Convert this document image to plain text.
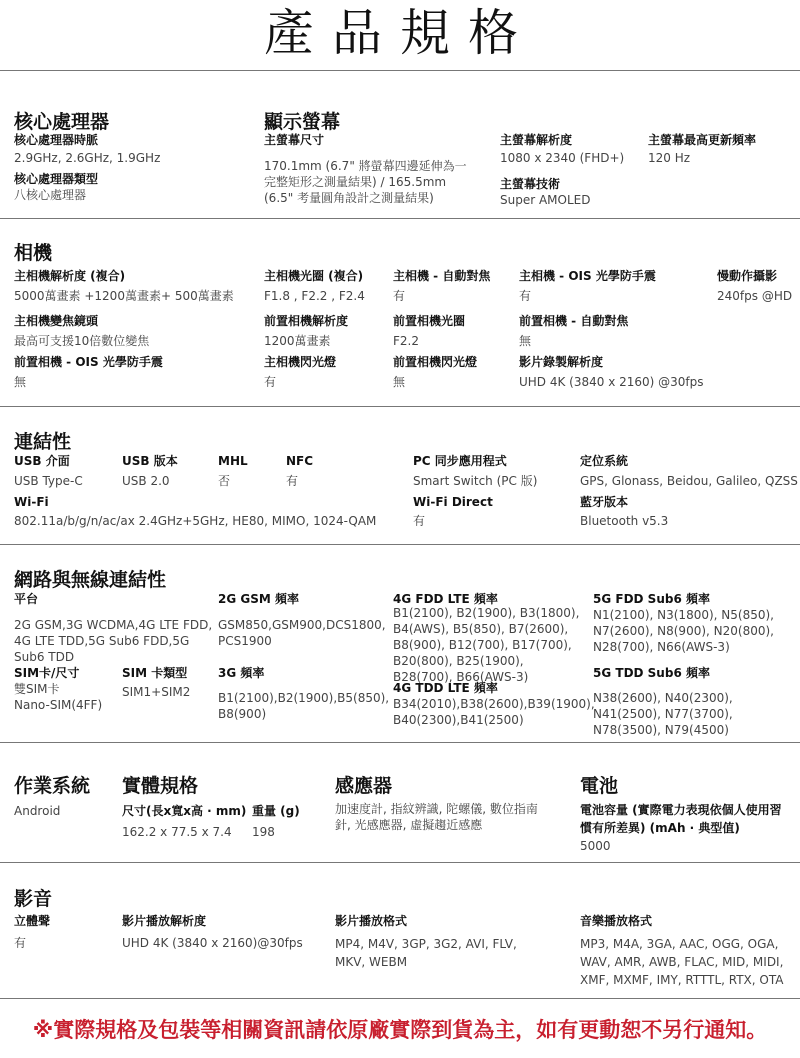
產品規格
核心處理器
核心處理器時脈
2.9GHz, 2.6GHz, 1.9GHz
核心處理器類型
八核心處理器
顯示螢幕
主螢幕尺寸
170.1mm (6.7" 將螢幕四邊延伸為一完整矩形之測量結果) / 165.5mm (6.5" 考量圓角設計之測量結果)
主螢幕解析度
1080 x 2340 (FHD+)
主螢幕最高更新頻率
120 Hz
主螢幕技術
Super AMOLED
相機
主相機解析度 (複合)
5000萬畫素 +1200萬畫素+ 500萬畫素
主相機光圈 (複合)
F1.8 , F2.2 , F2.4
主相機 - 自動對焦
有
主相機 - OIS 光學防手震
有
慢動作攝影
240fps @HD
主相機變焦鏡頭
最高可支援10倍數位變焦
前置相機解析度
1200萬畫素
前置相機光圈
F2.2
前置相機 - 自動對焦
無
前置相機 - OIS 光學防手震
無
主相機閃光燈
有
前置相機閃光燈
無
影片錄製解析度
UHD 4K (3840 x 2160) @30fps
連結性
USB 介面
USB Type-C
USB 版本
USB 2.0
MHL
否
NFC
有
PC 同步應用程式
Smart Switch (PC 版)
定位系統
GPS, Glonass, Beidou, Galileo, QZSS
Wi-Fi
802.11a/b/g/n/ac/ax 2.4GHz+5GHz, HE80, MIMO, 1024-QAM
Wi-Fi Direct
有
藍牙版本
Bluetooth v5.3
網路與無線連結性
平台
2G GSM,3G WCDMA,4G LTE FDD, 4G LTE TDD,5G Sub6 FDD,5G Sub6 TDD
2G GSM 頻率
GSM850,GSM900,DCS1800, PCS1900
4G FDD LTE 頻率
B1(2100), B2(1900), B3(1800), B4(AWS), B5(850), B7(2600), B8(900), B12(700), B17(700), B20(800), B25(1900), B28(700), B66(AWS-3)
5G FDD Sub6 頻率
N1(2100), N3(1800), N5(850), N7(2600), N8(900), N20(800), N28(700), N66(AWS-3)
SIM卡/尺寸
雙SIM卡
Nano-SIM(4FF)
SIM 卡類型
SIM1+SIM2
3G 頻率
B1(2100),B2(1900),B5(850), B8(900)
4G TDD LTE 頻率
B34(2010),B38(2600),B39(1900), B40(2300),B41(2500)
5G TDD Sub6 頻率
N38(2600), N40(2300), N41(2500), N77(3700), N78(3500), N79(4500)
作業系統
Android
實體規格
尺寸(長x寬x高 · mm)
162.2 x 77.5 x 7.4
重量 (g)
198
感應器
加速度計, 指紋辨識, 陀螺儀, 數位指南針, 光感應器, 虛擬趨近感應
電池
電池容量 (實際電力表現依個人使用習慣有所差異) (mAh · 典型值)
5000
影音
立體聲
有
影片播放解析度
UHD 4K (3840 x 2160)@30fps
影片播放格式
MP4, M4V, 3GP, 3G2, AVI, FLV, MKV, WEBM
音樂播放格式
MP3, M4A, 3GA, AAC, OGG, OGA, WAV, AMR, AWB, FLAC, MID, MIDI, XMF, MXMF, IMY, RTTTL, RTX, OTA
※實際規格及包裝等相關資訊請依原廠實際到貨為主，如有更動恕不另行通知。
